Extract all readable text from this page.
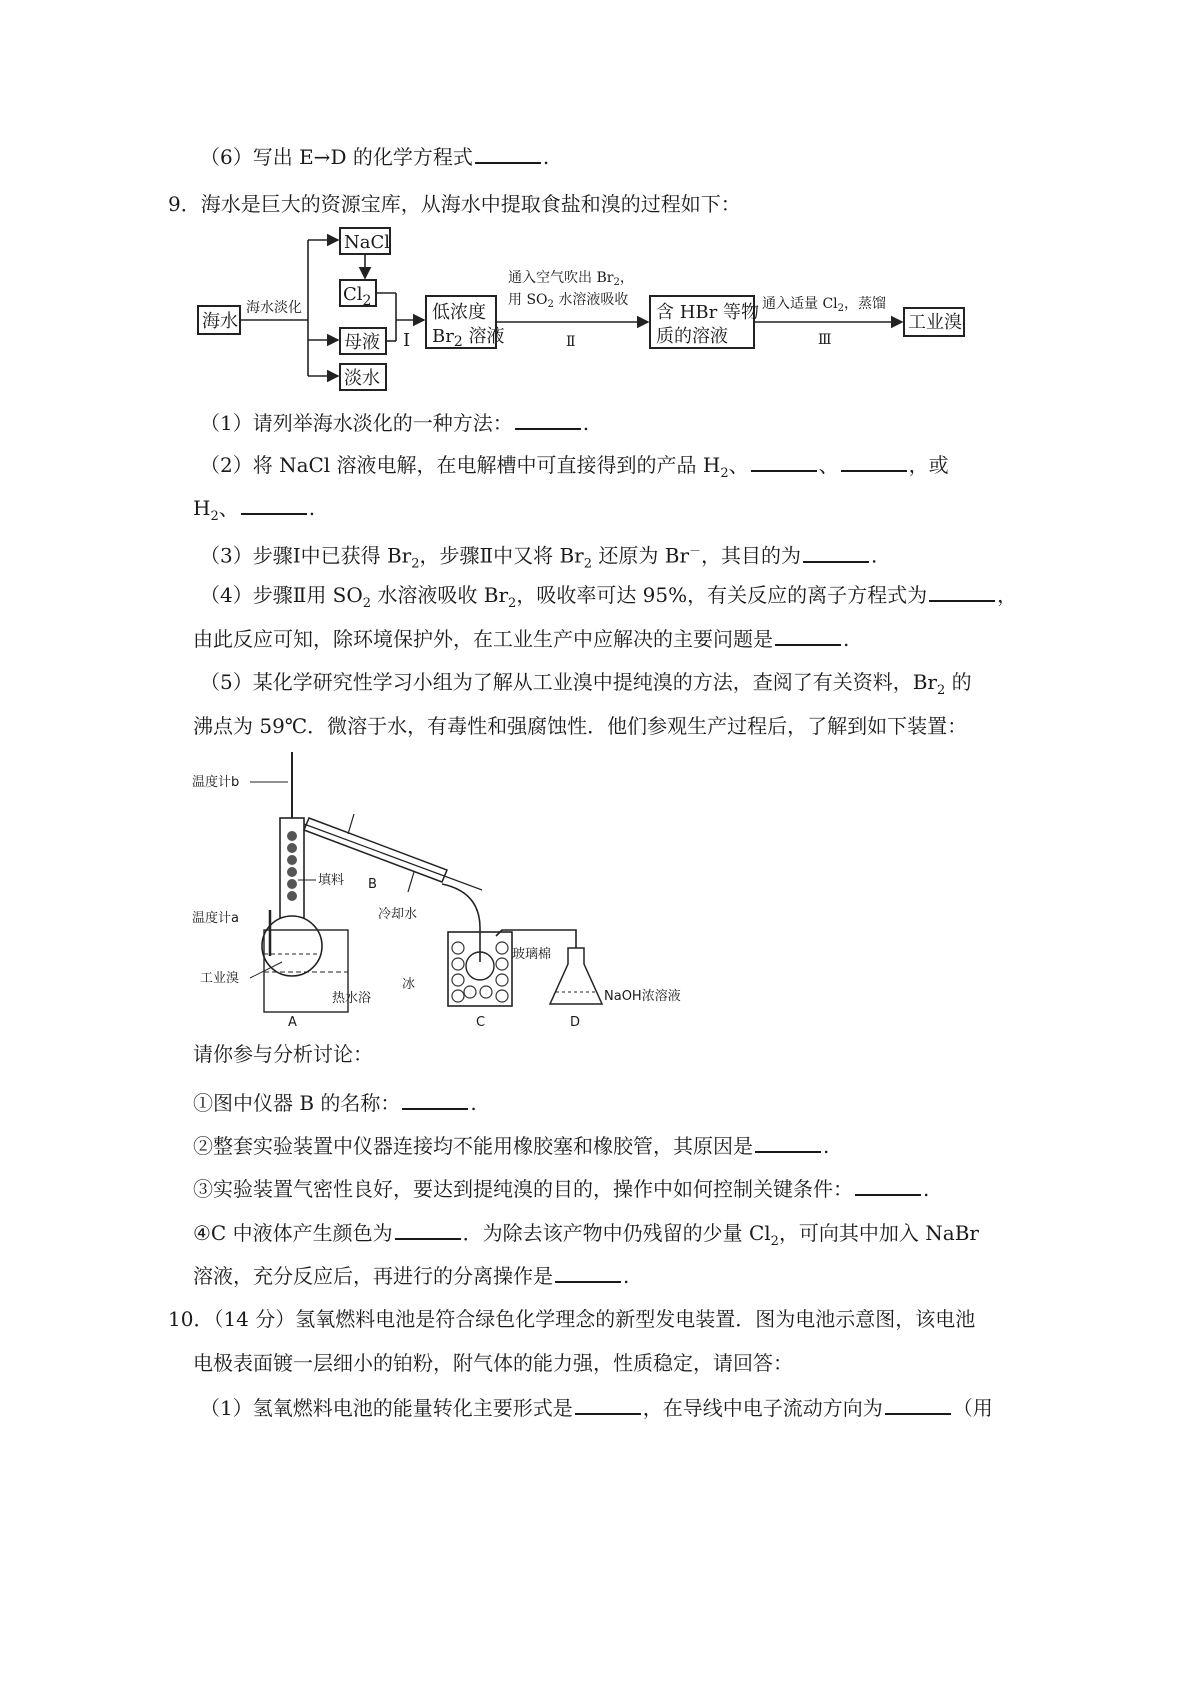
（6）写出 E→D 的化学方程式	.
9．海水是巨大的资源宝库，从海水中提取食盐和溴的过程如下：
海水
海水淡化
NaCl
$Cl_2$
母液
淡水
Ⅰ
低浓度
$Br_2$ 溶液
通入空气吹出 $Br_2$，
用 $SO_2$ 水溶液吸收
Ⅱ
含 HBr 等物
质的溶液
通入适量 $Cl_2$，蒸馏
Ⅲ
工业溴
（1）请列举海水淡化的一种方法：	.
（2）将 NaCl 溶液电解，在电解槽中可直接得到的产品 $H_2$、	、	，或
$H_2$、	.
（3）步骤Ⅰ中已获得 $Br_2$，步骤Ⅱ中又将 $Br_2$ 还原为 Br－，其目的为	.
（4）步骤Ⅱ用 $SO_2$ 水溶液吸收 $Br_2$，吸收率可达 95%，有关反应的离子方程式为	，
由此反应可知，除环境保护外，在工业生产中应解决的主要问题是	.
（5）某化学研究性学习小组为了解从工业溴中提纯溴的方法，查阅了有关资料，$Br_2$ 的
沸点为 59℃．微溶于水，有毒性和强腐蚀性．他们参观生产过程后，了解到如下装置：
温度计b
填料 B
冷却水
温度计a
工业溴
热水浴
A
冰
C
玻璃棉
NaOH浓溶液
D
请你参与分析讨论：
①图中仪器 B 的名称：	.
②整套实验装置中仪器连接均不能用橡胶塞和橡胶管，其原因是	.
③实验装置气密性良好，要达到提纯溴的目的，操作中如何控制关键条件：	.
④C 中液体产生颜色为	．为除去该产物中仍残留的少量 $Cl_2$，可向其中加入 NaBr
溶液，充分反应后，再进行的分离操作是	.
10．（14 分）氢氧燃料电池是符合绿色化学理念的新型发电装置．图为电池示意图，该电池
电极表面镀一层细小的铂粉，附气体的能力强，性质稳定，请回答：
（1）氢氧燃料电池的能量转化主要形式是	，在导线中电子流动方向为	（用
